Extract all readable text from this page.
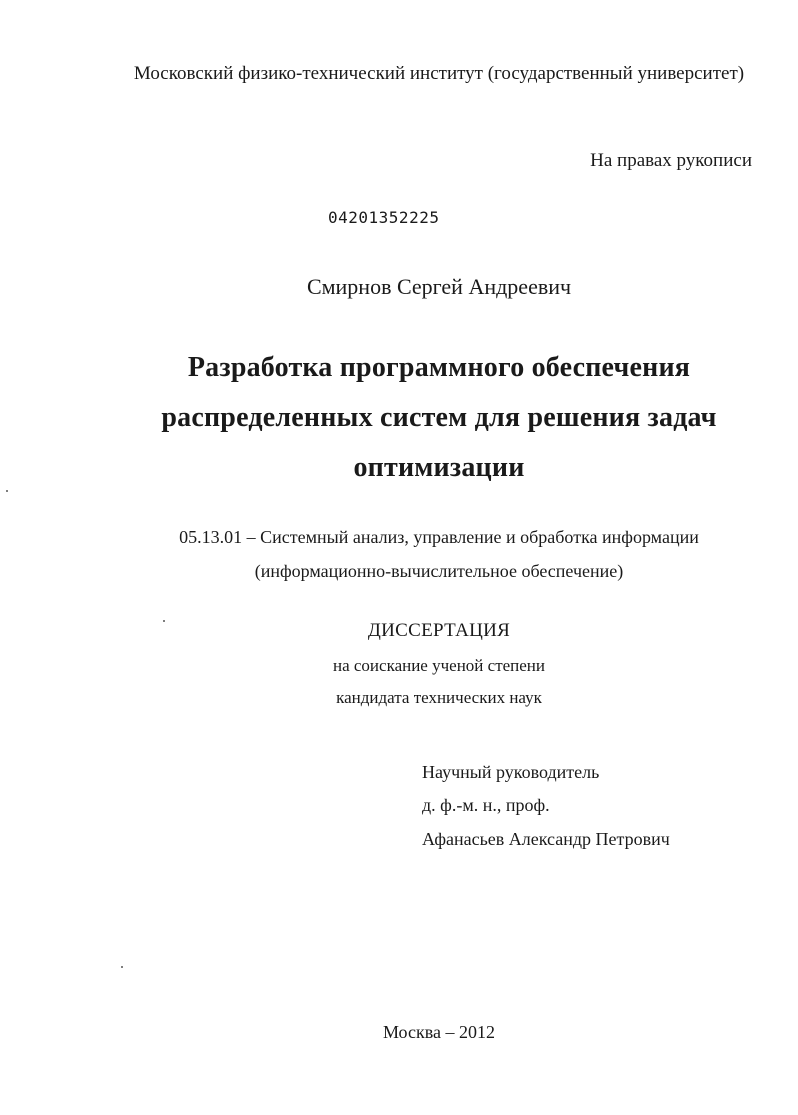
Московский физико-технический институт (государственный университет)
На правах рукописи
04201352225
Смирнов Сергей Андреевич
Разработка программного обеспечения
распределенных систем для решения задач
оптимизации
05.13.01 – Системный анализ, управление и обработка информации
(информационно-вычислительное обеспечение)
ДИССЕРТАЦИЯ
на соискание ученой степени
кандидата технических наук
Научный руководитель
д. ф.-м. н., проф.
Афанасьев Александр Петрович
Москва – 2012
